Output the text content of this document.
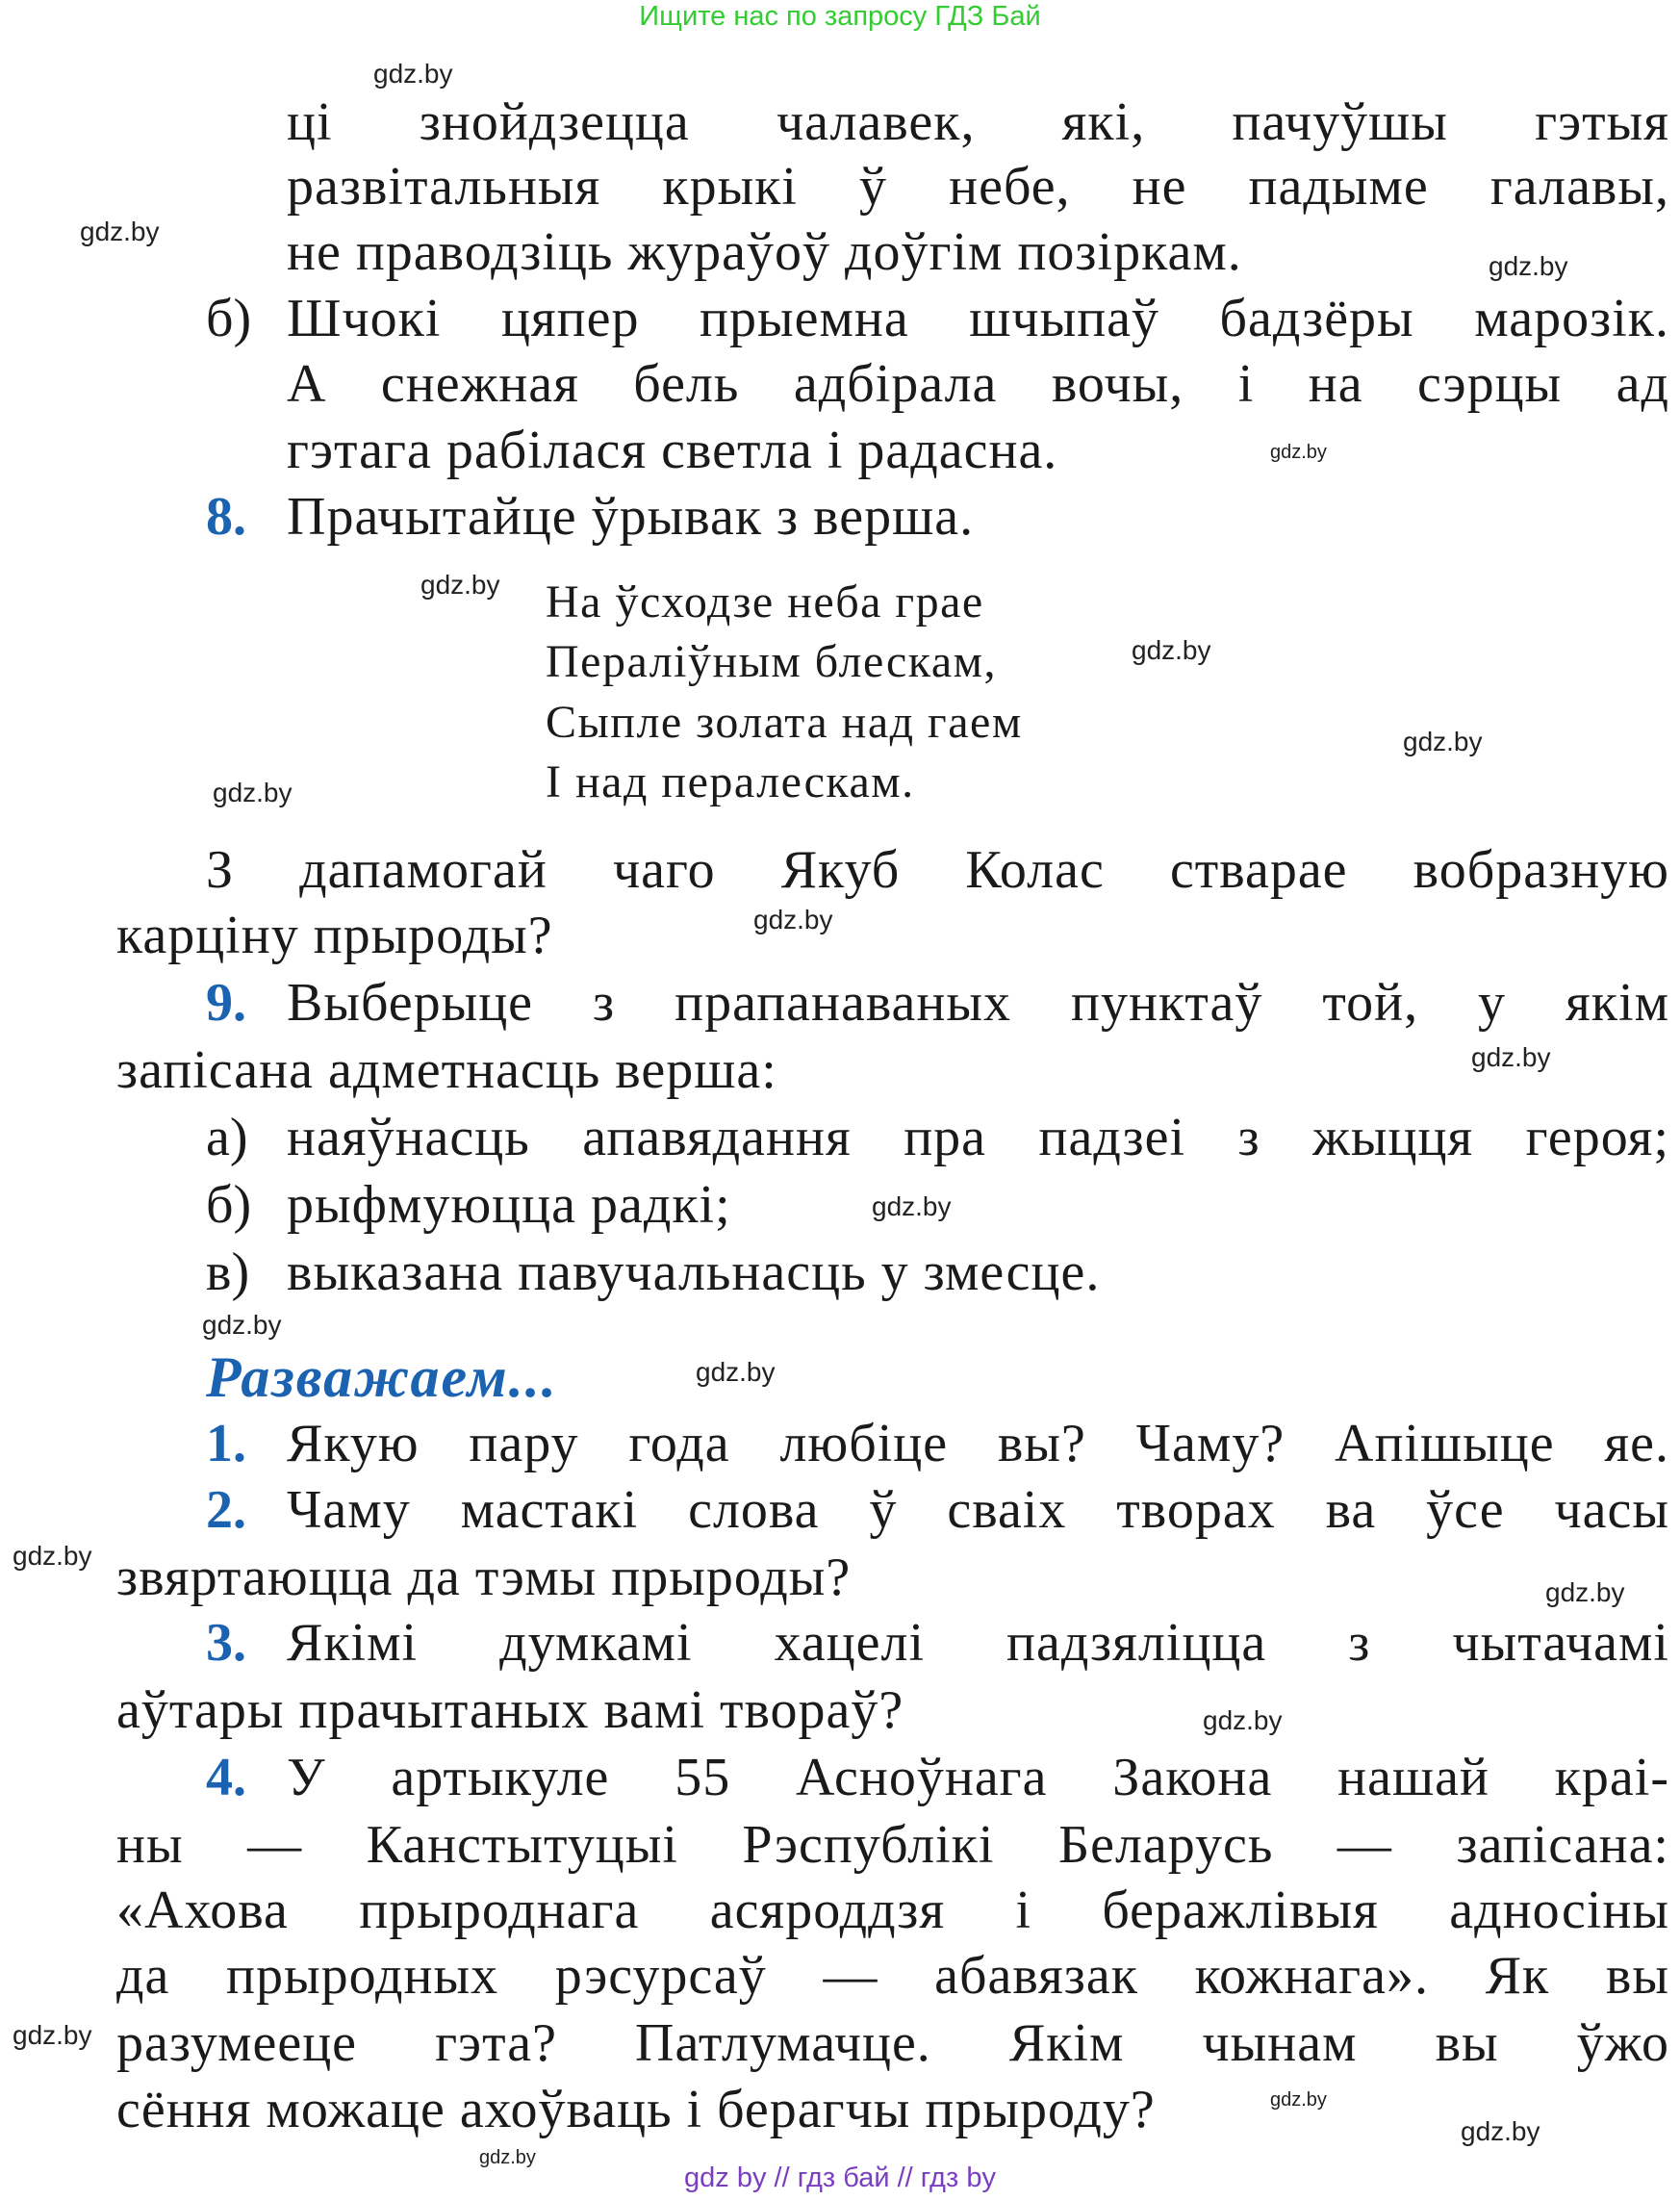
Ищите нас по запросу ГДЗ Бай
ці знойдзецца чалавек, які, пачуўшы гэтыя
развітальныя крыкі ў небе, не падыме галавы,
не праводзіць жураўоў доўгім позіркам.
б) Шчокі цяпер прыемна шчыпаў бадзёры марозік.
А снежная бель адбірала вочы, і на сэрцы ад
гэтага рабілася светла і радасна.
8. Прачытайце ўрывак з верша.
На ўсходзе неба грае
Пераліўным блескам,
Сыпле золата над гаем
І над пералескам.
З дапамогай чаго Якуб Колас стварае вобразную
карціну прыроды?
9. Выберыце з прапанаваных пунктаў той, у якім
запісана адметнасць верша:
а) наяўнасць апавядання пра падзеі з жыцця героя;
б) рыфмуюцца радкі;
в) выказана павучальнасць у змесце.
Разважаем...
1. Якую пару года любіце вы? Чаму? Апішыце яе.
2. Чаму мастакі слова ў сваіх творах ва ўсе часы
звяртаюцца да тэмы прыроды?
3. Якімі думкамі хацелі падзяліцца з чытачамі
аўтары прачытаных вамі твораў?
4. У артыкуле 55 Асноўнага Закона нашай краі-
ны — Канстытуцыі Рэспублікі Беларусь — запісана:
«Ахова прыроднага асяроддзя і беражлівыя адносіны
да прыродных рэсурсаў — абавязак кожнага». Як вы
разумееце гэта? Патлумачце. Якім чынам вы ўжо
сёння можаце ахоўваць і берагчы прыроду?
gdz.by
gdz.by
gdz.by
gdz.by
gdz.by
gdz.by
gdz.by
gdz.by
gdz.by
gdz.by
gdz.by
gdz.by
gdz.by
gdz.by
gdz.by
gdz.by
gdz.by
gdz.by
gdz.by
gdz.by
gdz by // гдз бай // гдз by
